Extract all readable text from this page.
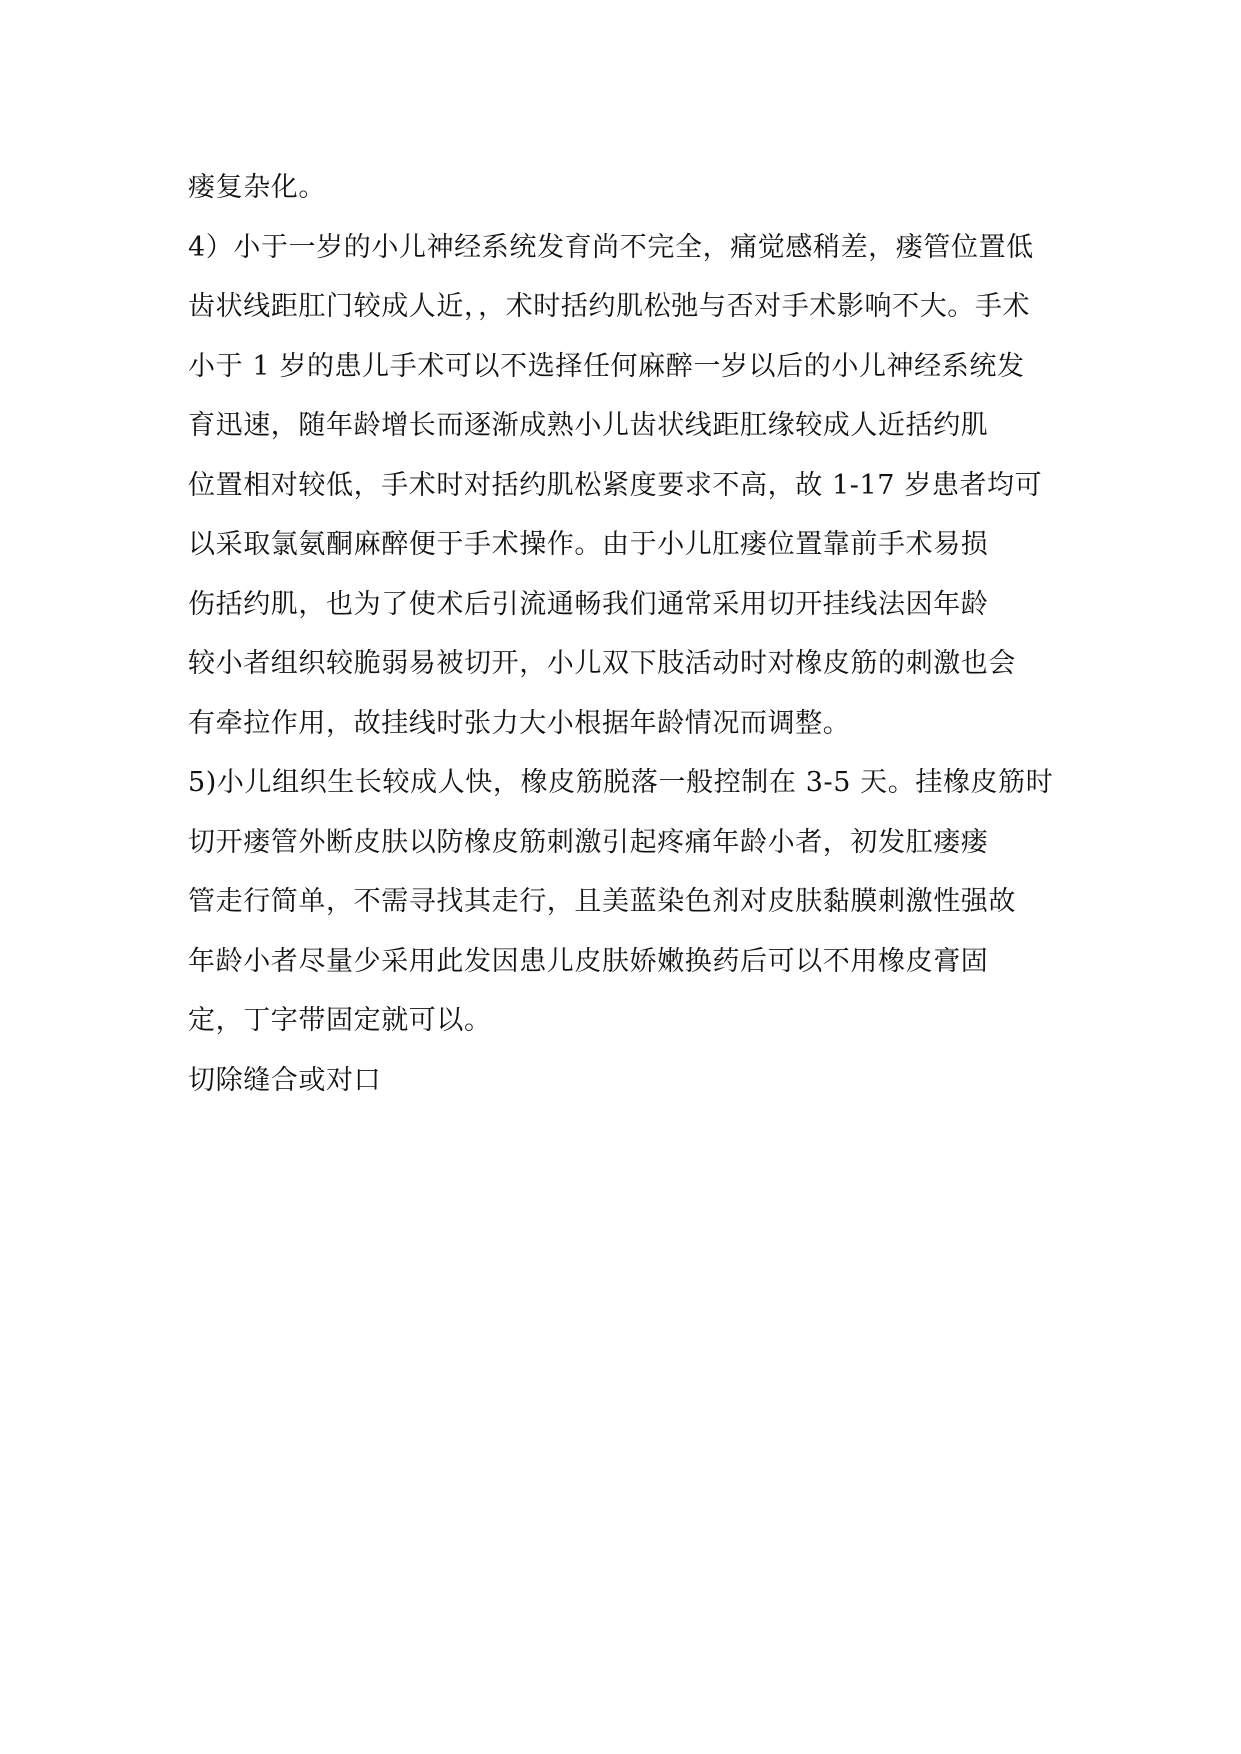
瘘复杂化。
4）小于一岁的小儿神经系统发育尚不完全，痛觉感稍差，瘘管位置低
齿状线距肛门较成人近，，术时括约肌松弛与否对手术影响不大。手术
小于 1 岁的患儿手术可以不选择任何麻醉一岁以后的小儿神经系统发
育迅速，随年龄增长而逐渐成熟小儿齿状线距肛缘较成人近括约肌
位置相对较低，手术时对括约肌松紧度要求不高，故 1-17 岁患者均可
以采取氯氨酮麻醉便于手术操作。由于小儿肛瘘位置靠前手术易损
伤括约肌，也为了使术后引流通畅我们通常采用切开挂线法因年龄
较小者组织较脆弱易被切开，小儿双下肢活动时对橡皮筋的刺激也会
有牵拉作用，故挂线时张力大小根据年龄情况而调整。
5)小儿组织生长较成人快，橡皮筋脱落一般控制在 3-5 天。挂橡皮筋时
切开瘘管外断皮肤以防橡皮筋刺激引起疼痛年龄小者，初发肛瘘瘘
管走行简单，不需寻找其走行，且美蓝染色剂对皮肤黏膜刺激性强故
年龄小者尽量少采用此发因患儿皮肤娇嫩换药后可以不用橡皮膏固
定，丁字带固定就可以。
切除缝合或对口
